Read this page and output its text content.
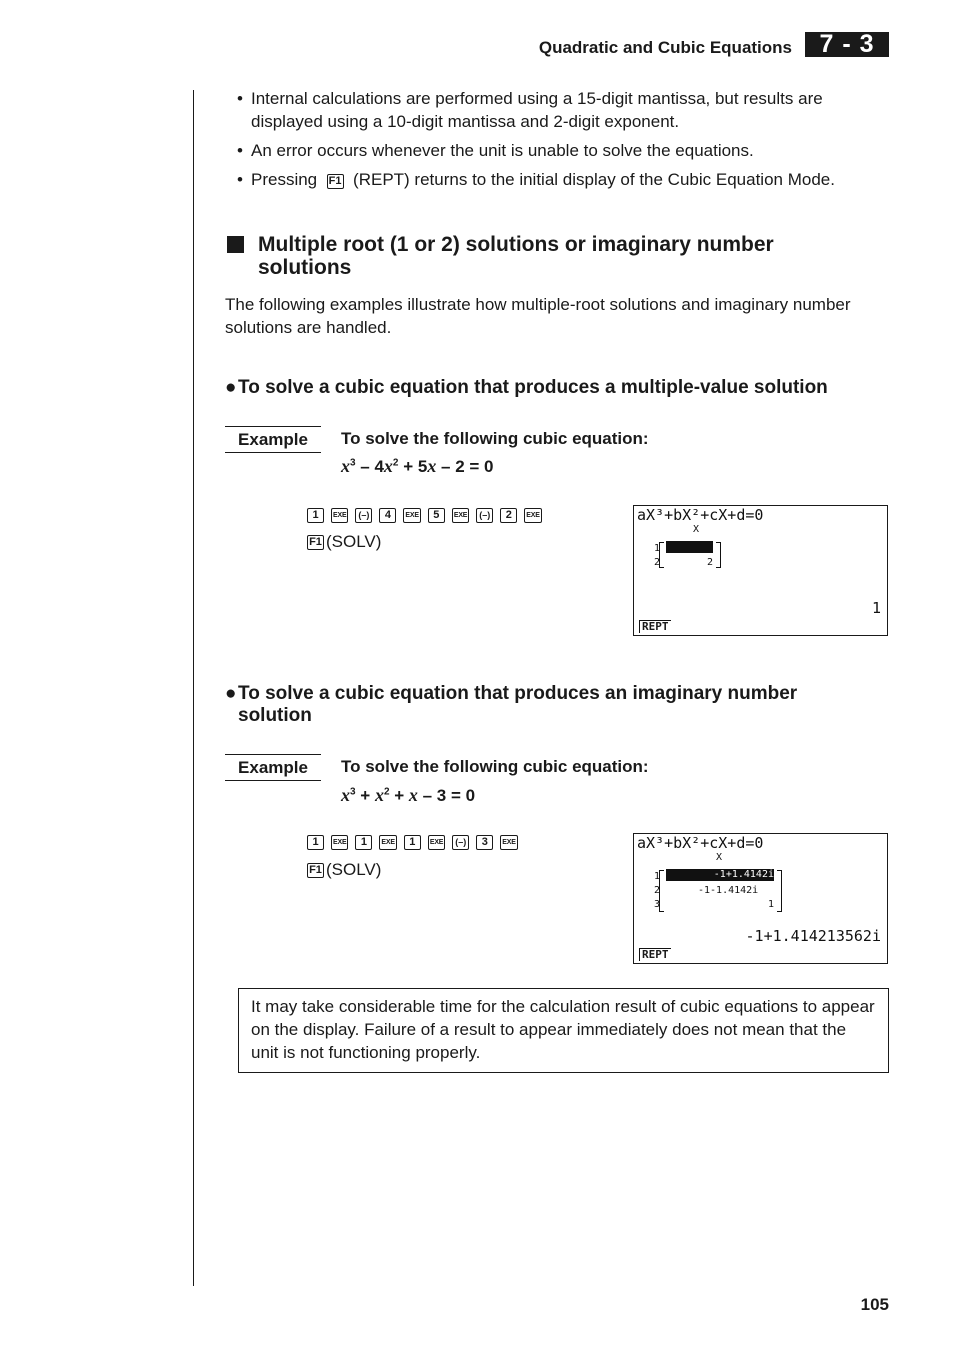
Quadratic and Cubic Equations	7 - 3
• Internal calculations are performed using a 15-digit mantissa, but results are displayed using a 10-digit mantissa and 2-digit exponent.
• An error occurs whenever the unit is unable to solve the equations.
• Pressing F1 (REPT) returns to the initial display of the Cubic Equation Mode.
Multiple root (1 or 2) solutions or imaginary number solutions
The following examples illustrate how multiple-root solutions and imaginary number solutions are handled.
● To solve a cubic equation that produces a multiple-value solution
Example	To solve the following cubic equation:
$x^3 - 4x^2 + 5x - 2 = 0$
1	EXE	(–)	4	EXE	5	EXE	(–)	2	EXE
F1 (SOLV)
aX³+bX²+cX+d=0
X
1
2	2
1
REPT
● To solve a cubic equation that produces an imaginary number solution
Example	To solve the following cubic equation:
$x^3 + x^2 + x - 3 = 0$
1	EXE	1	EXE	1	EXE	(–)	3	EXE
F1 (SOLV)
aX³+bX²+cX+d=0
X
1	-1+1.4142i
2	-1-1.4142i
3	1
-1+1.414213562i
REPT
It may take considerable time for the calculation result of cubic equations to appear on the display. Failure of a result to appear immediately does not mean that the unit is not functioning properly.
105
